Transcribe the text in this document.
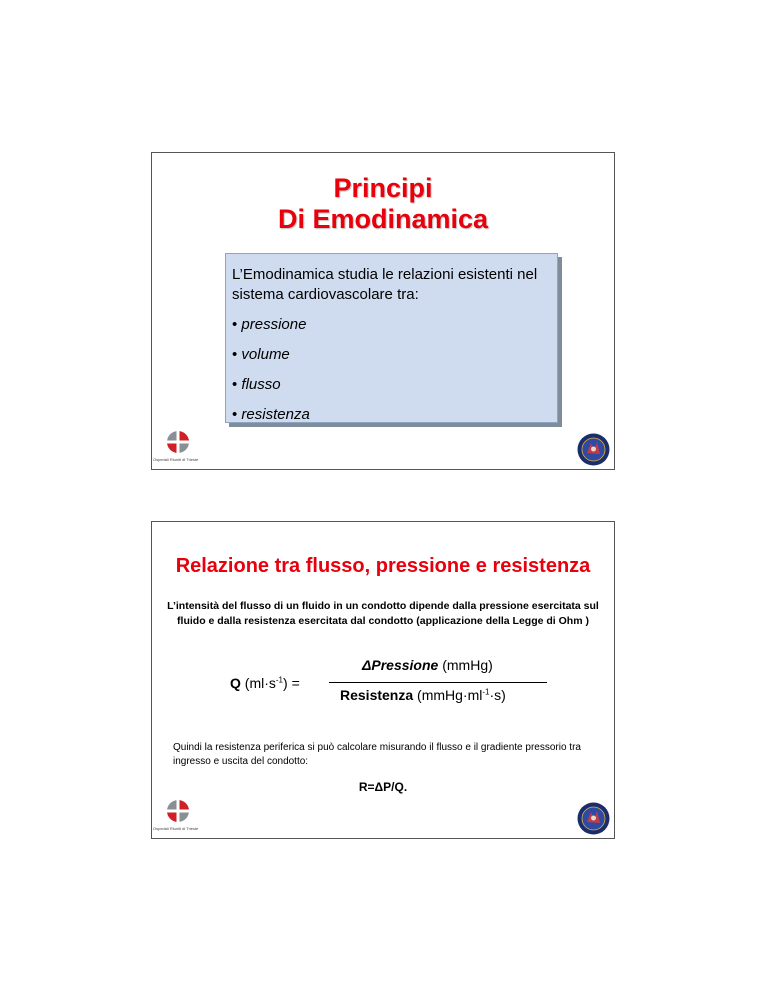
Principi
Di Emodinamica

L’Emodinamica studia le relazioni esistenti nel sistema cardiovascolare tra:

• pressione
• volume
• flusso
• resistenza
Ospedali Riuniti di Trieste
Relazione tra flusso, pressione e resistenza
L’intensità del flusso di un fluido in un condotto dipende dalla pressione esercitata sul fluido e dalla resistenza esercitata dal condotto (applicazione della Legge di Ohm )
Q $(ml\cdot s^{-1})$ =
ΔPressione (mmHg)
Resistenza $(mmHg\cdot ml^{-1}\cdot s)$
Quindi la resistenza periferica si può calcolare misurando il flusso e il gradiente pressorio tra ingresso e uscita del condotto:
R=ΔP/Q.
Ospedali Riuniti di Trieste
